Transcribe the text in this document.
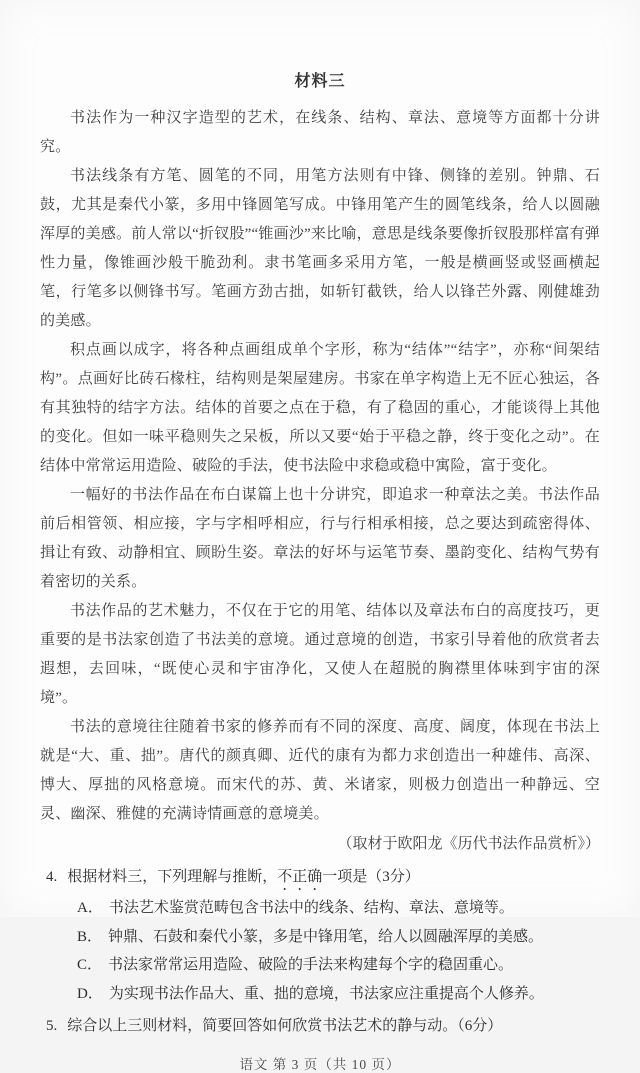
材料三

书法作为一种汉字造型的艺术，在线条、结构、章法、意境等方面都十分讲究。

书法线条有方笔、圆笔的不同，用笔方法则有中锋、侧锋的差别。钟鼎、石鼓，尤其是秦代小篆，多用中锋圆笔写成。中锋用笔产生的圆笔线条，给人以圆融浑厚的美感。前人常以“折钗股”“锥画沙”来比喻，意思是线条要像折钗股那样富有弹性力量，像锥画沙般干脆劲利。隶书笔画多采用方笔，一般是横画竖或竖画横起笔，行笔多以侧锋书写。笔画方劲古拙，如斩钉截铁，给人以锋芒外露、刚健雄劲的美感。

积点画以成字，将各种点画组成单个字形，称为“结体”“结字”，亦称“间架结构”。点画好比砖石椽柱，结构则是架屋建房。书家在单字构造上无不匠心独运，各有其独特的结字方法。结体的首要之点在于稳，有了稳固的重心，才能谈得上其他的变化。但如一味平稳则失之呆板，所以又要“始于平稳之静，终于变化之动”。在结体中常常运用造险、破险的手法，使书法险中求稳或稳中寓险，富于变化。

一幅好的书法作品在布白谋篇上也十分讲究，即追求一种章法之美。书法作品前后相管领、相应接，字与字相呼相应，行与行相承相接，总之要达到疏密得体、揖让有致、动静相宜、顾盼生姿。章法的好坏与运笔节奏、墨韵变化、结构气势有着密切的关系。

书法作品的艺术魅力，不仅在于它的用笔、结体以及章法布白的高度技巧，更重要的是书法家创造了书法美的意境。通过意境的创造，书家引导着他的欣赏者去遐想，去回味，“既使心灵和宇宙净化，又使人在超脱的胸襟里体味到宇宙的深境”。

书法的意境往往随着书家的修养而有不同的深度、高度、阔度，体现在书法上就是“大、重、拙”。唐代的颜真卿、近代的康有为都力求创造出一种雄伟、高深、博大、厚拙的风格意境。而宋代的苏、黄、米诸家，则极力创造出一种静远、空灵、幽深、雅健的充满诗情画意的意境美。

（取材于欧阳龙《历代书法作品赏析》）

4. 根据材料三，下列理解与推断，不正确一项是（3分）
A． 书法艺术鉴赏范畴包含书法中的线条、结构、章法、意境等。
B． 钟鼎、石鼓和秦代小篆，多是中锋用笔，给人以圆融浑厚的美感。
C． 书法家常常运用造险、破险的手法来构建每个字的稳固重心。
D． 为实现书法作品大、重、拙的意境，书法家应注重提高个人修养。
5. 综合以上三则材料，简要回答如何欣赏书法艺术的静与动。（6分）
语文 第 3 页（共 10 页）
